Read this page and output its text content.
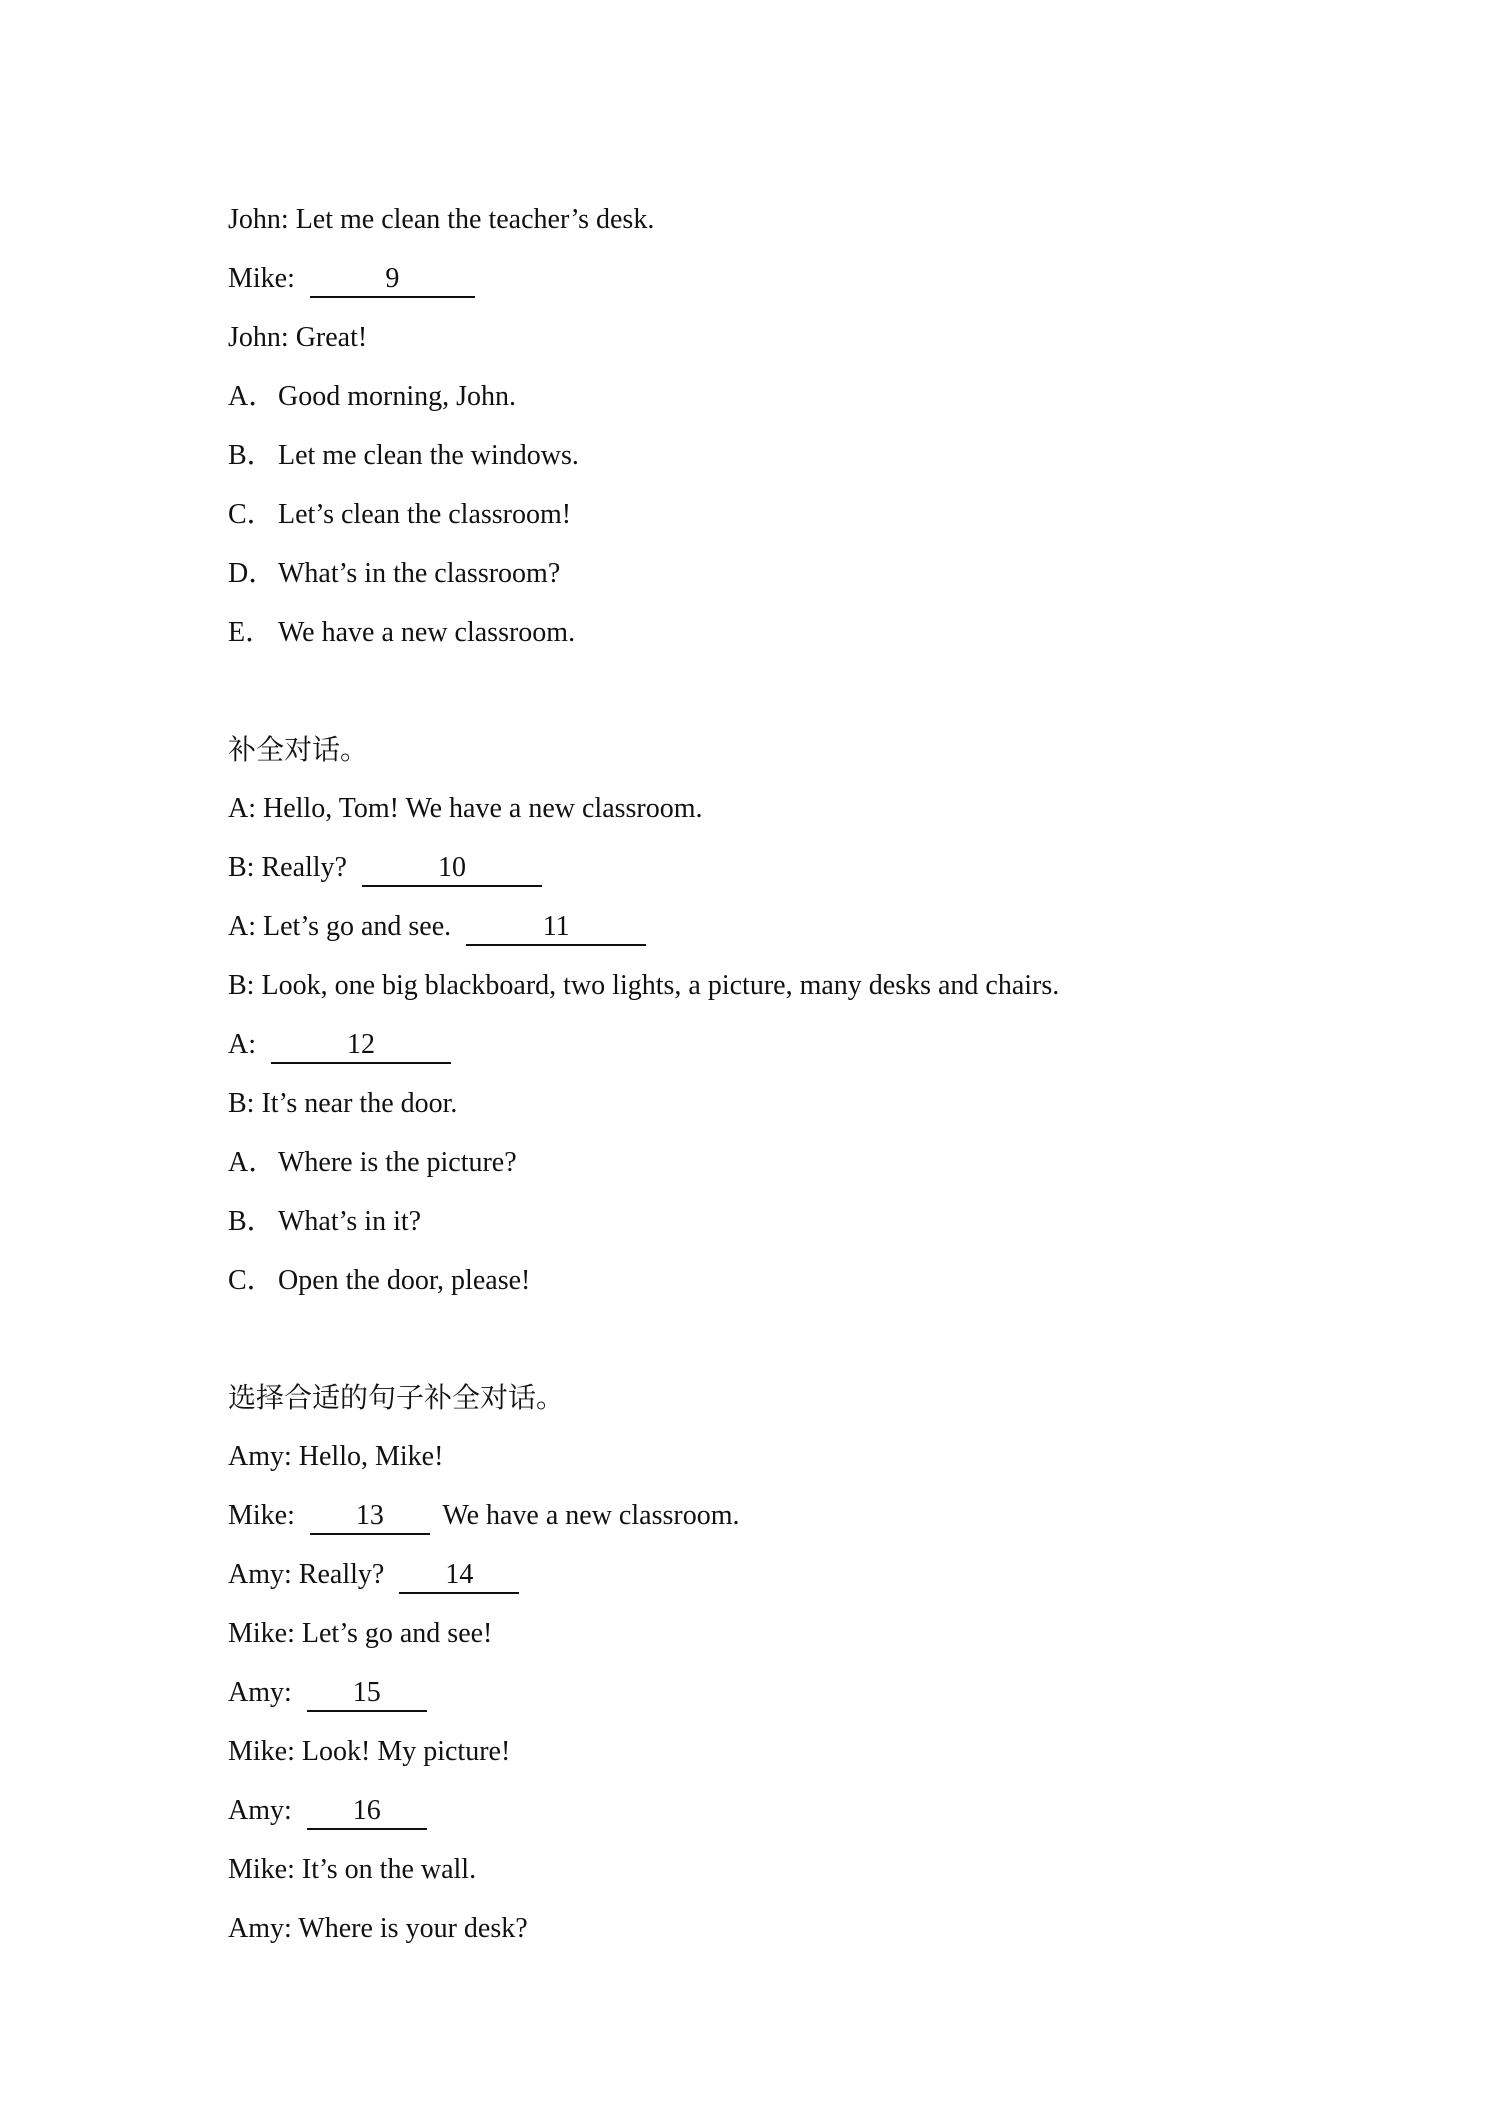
John: Let me clean the teacher’s desk.
Mike:	9
John: Great!
A．Good morning, John.
B． Let me clean the windows.
C． Let’s clean the classroom!
D．What’s in the classroom?
E． We have a new classroom.
补全对话。
A: Hello, Tom! We have a new classroom.
B: Really?	10
A: Let’s go and see.	11
B: Look, one big blackboard, two lights, a picture, many desks and chairs.
A:	12
B: It’s near the door.
A．Where is the picture?
B． What’s in it?
C． Open the door, please!
选择合适的句子补全对话。
Amy: Hello, Mike!
Mike: 13 We have a new classroom.
Amy: Really? 14
Mike: Let’s go and see!
Amy: 15
Mike: Look! My picture!
Amy: 16
Mike: It’s on the wall.
Amy: Where is your desk?
